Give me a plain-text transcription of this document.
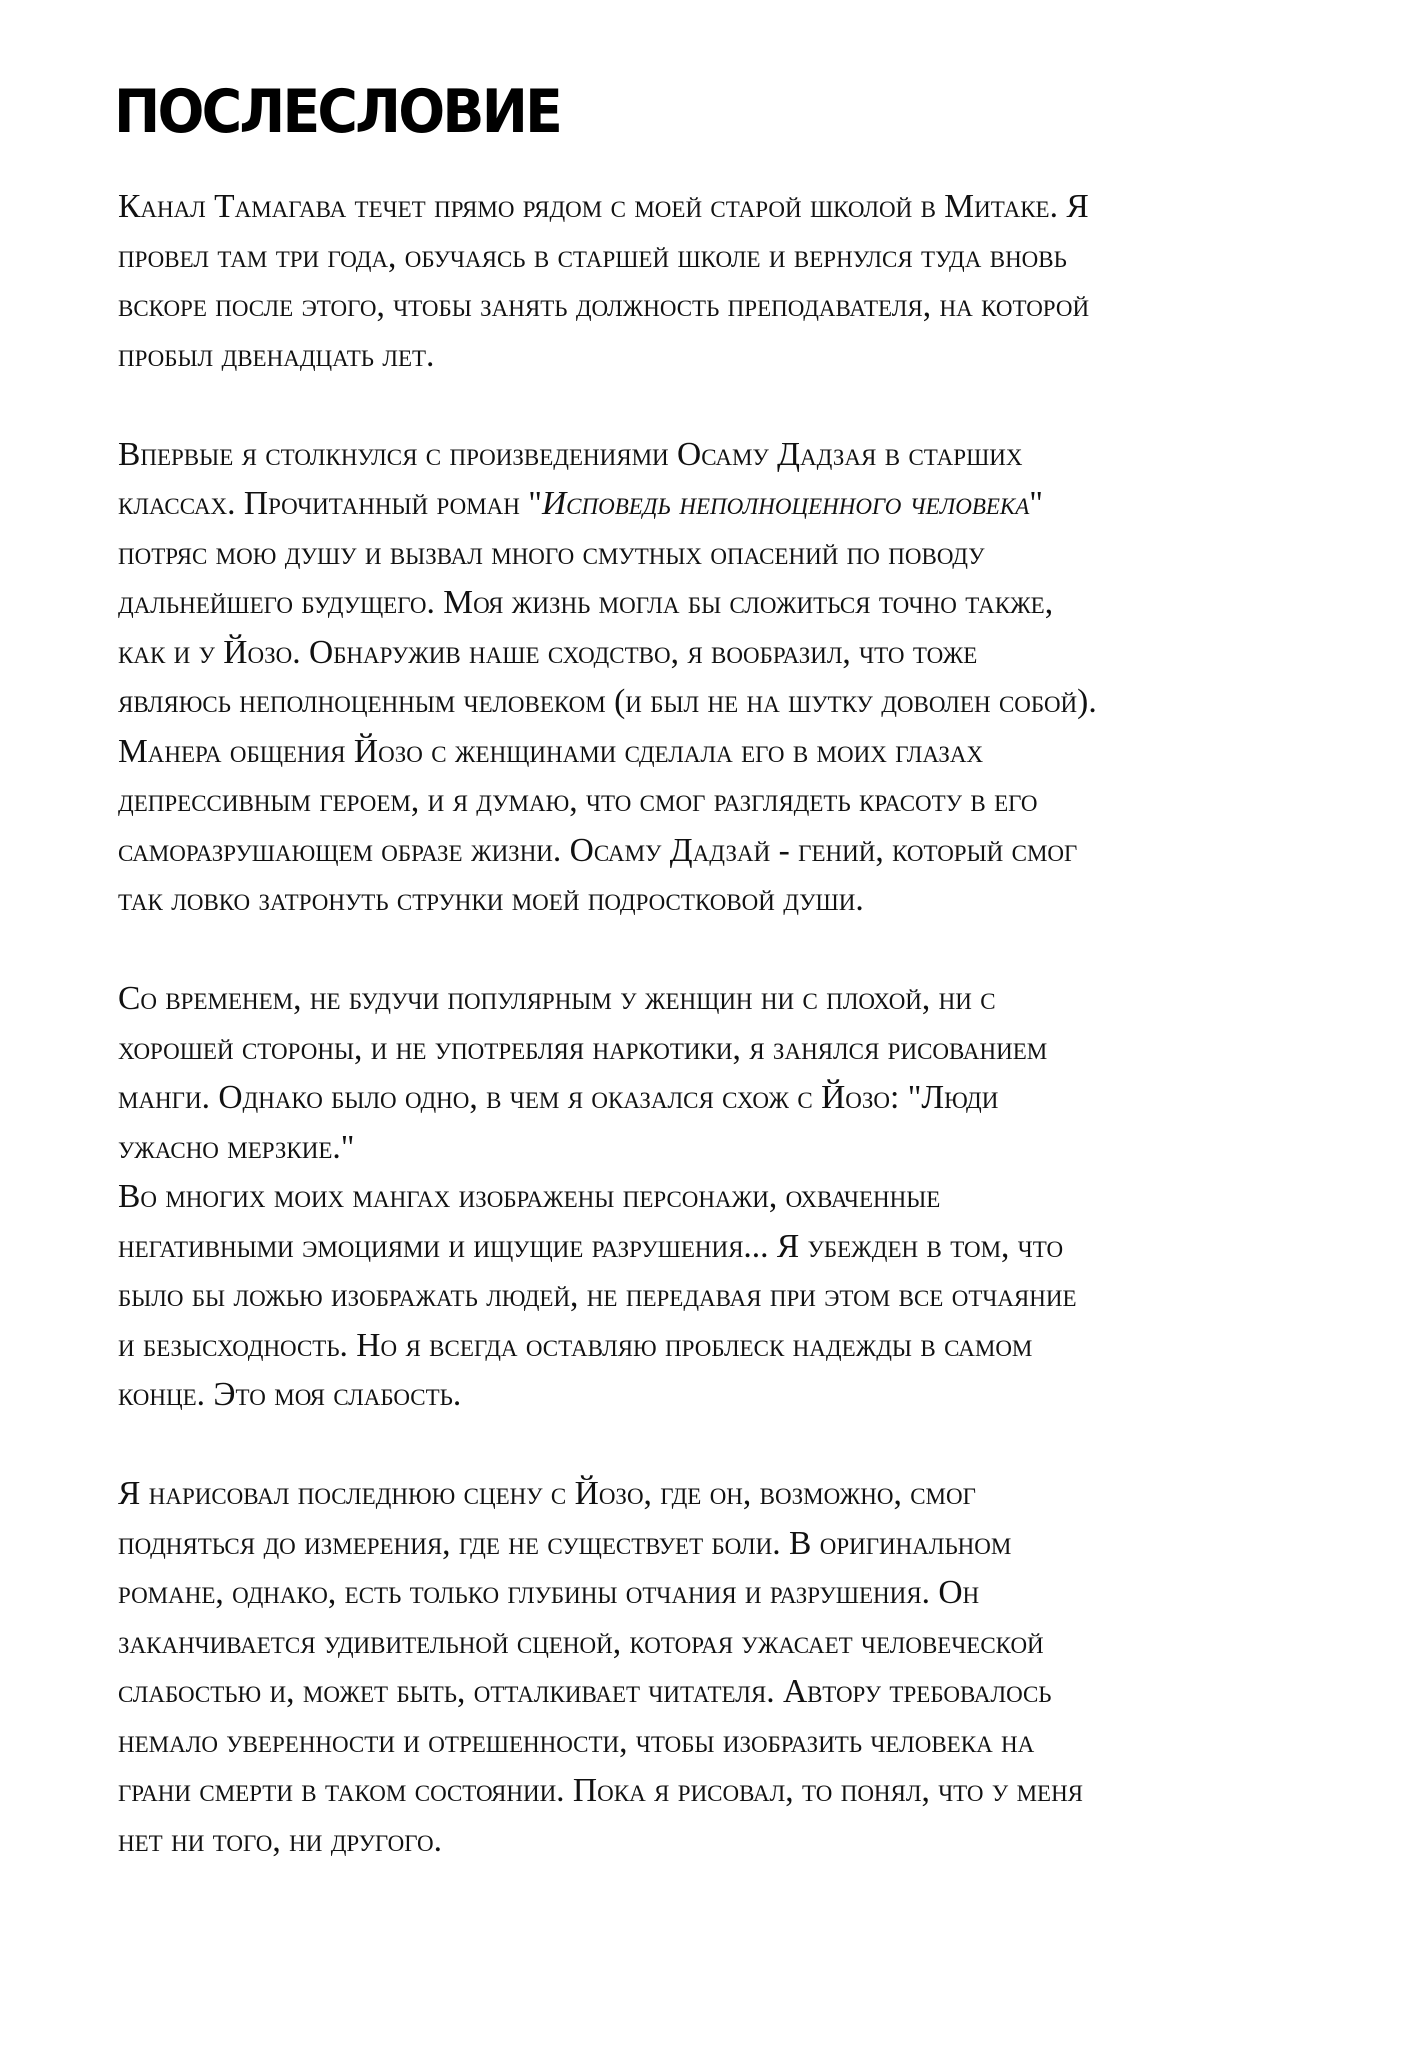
ПОСЛЕСЛОВИЕ
Канал Тамагава течет прямо рядом с моей старой школой в Митаке. Я
провел там три года, обучаясь в старшей школе и вернулся туда вновь
вскоре после этого, чтобы занять должность преподавателя, на которой
пробыл двенадцать лет.
Впервые я столкнулся с произведениями Осаму Дадзая в старших
классах. Прочитанный роман "Исповедь неполноценного человека"
потряс мою душу и вызвал много смутных опасений по поводу
дальнейшего будущего. Моя жизнь могла бы сложиться точно также,
как и у Йозо. Обнаружив наше сходство, я вообразил, что тоже
являюсь неполноценным человеком (и был не на шутку доволен собой).
Манера общения Йозо с женщинами сделала его в моих глазах
депрессивным героем, и я думаю, что смог разглядеть красоту в его
саморазрушающем образе жизни. Осаму Дадзай - гений, который смог
так ловко затронуть струнки моей подростковой души.
Со временем, не будучи популярным у женщин ни с плохой, ни с
хорошей стороны, и не употребляя наркотики, я занялся рисованием
манги. Однако было одно, в чем я оказался схож с Йозо: "Люди
ужасно мерзкие."
Во многих моих мангах изображены персонажи, охваченные
негативными эмоциями и ищущие разрушения... Я убежден в том, что
было бы ложью изображать людей, не передавая при этом все отчаяние
и безысходность. Но я всегда оставляю проблеск надежды в самом
конце. Это моя слабость.
Я нарисовал последнюю сцену с Йозо, где он, возможно, смог
подняться до измерения, где не существует боли. В оригинальном
романе, однако, есть только глубины отчания и разрушения. Он
заканчивается удивительной сценой, которая ужасает человеческой
слабостью и, может быть, отталкивает читателя. Автору требовалось
немало уверенности и отрешенности, чтобы изобразить человека на
грани смерти в таком состоянии. Пока я рисовал, то понял, что у меня
нет ни того, ни другого.
